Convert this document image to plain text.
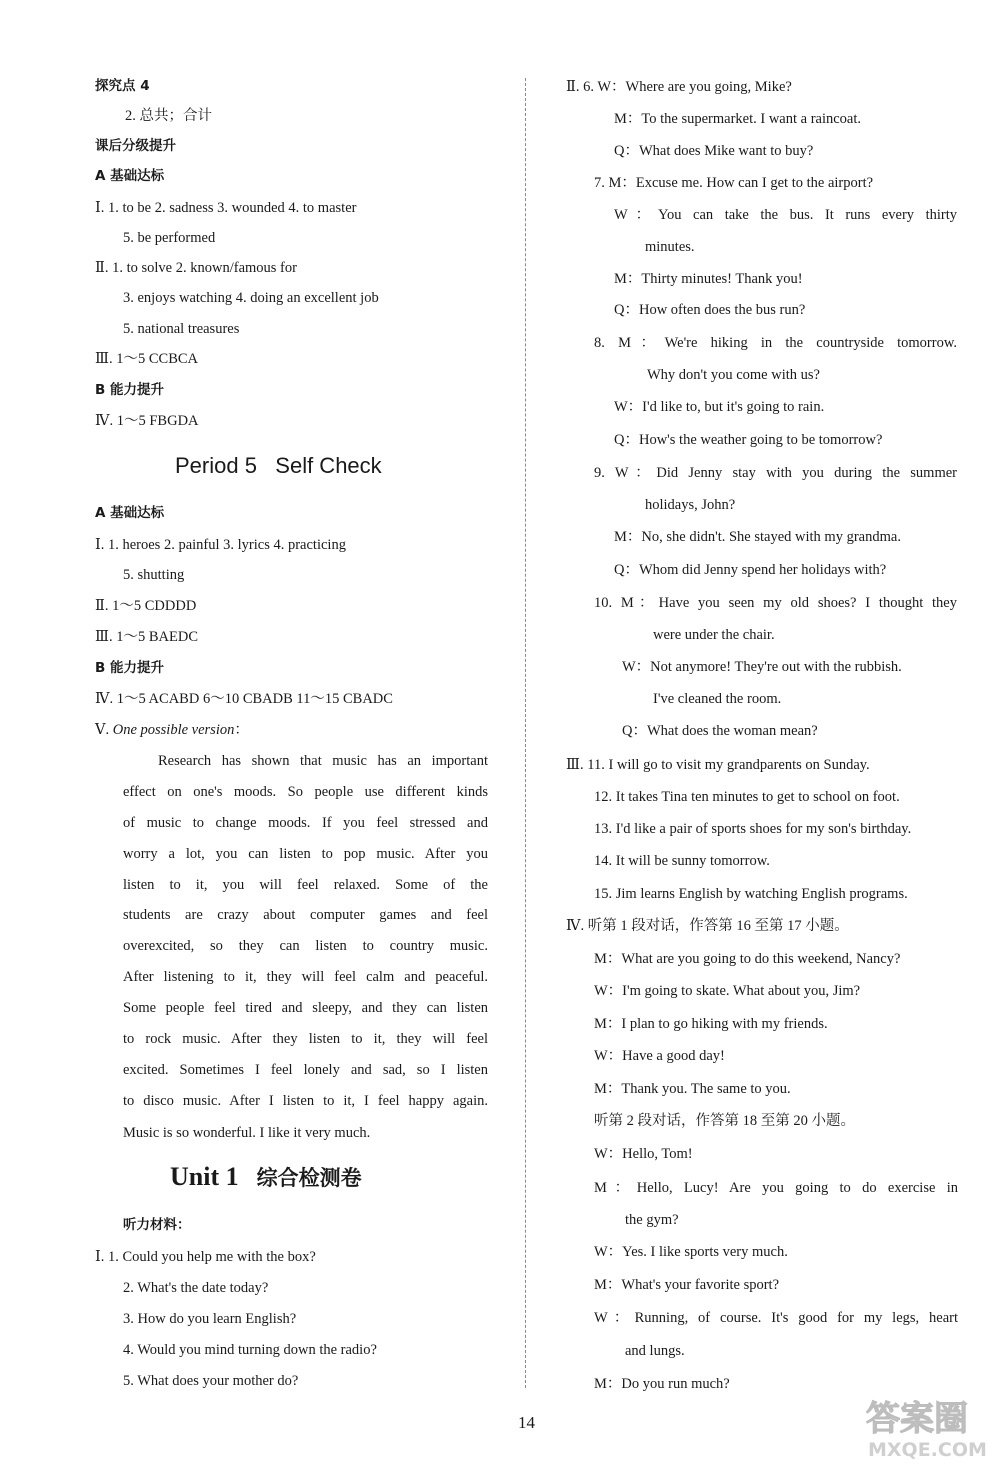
探究点 4
2. 总共；合计
课后分级提升
A 基础达标
Ⅰ. 1. to be 2. sadness 3. wounded 4. to master
5. be performed
Ⅱ. 1. to solve 2. known/famous for
3. enjoys watching 4. doing an excellent job
5. national treasures
Ⅲ. 1～5 CCBCA
B 能力提升
Ⅳ. 1～5 FBGDA
A 基础达标
Ⅰ. 1. heroes 2. painful 3. lyrics 4. practicing
5. shutting
Ⅱ. 1～5 CDDDD
Ⅲ. 1～5 BAEDC
B 能力提升
Ⅳ. 1～5 ACABD 6～10 CBADB 11～15 CBADC
Ⅴ. One possible version：
Research has shown that music has an important
effect on one's moods. So people use different kinds
of music to change moods. If you feel stressed and
worry a lot, you can listen to pop music. After you
listen to it, you will feel relaxed. Some of the
students are crazy about computer games and feel
overexcited, so they can listen to country music.
After listening to it, they will feel calm and peaceful.
Some people feel tired and sleepy, and they can listen
to rock music. After they listen to it, they will feel
excited. Sometimes I feel lonely and sad, so I listen
to disco music. After I listen to it, I feel happy again.
Music is so wonderful. I like it very much.
听力材料：
Ⅰ. 1. Could you help me with the box?
2. What's the date today?
3. How do you learn English?
4. Would you mind turning down the radio?
5. What does your mother do?
Ⅱ. 6. W：Where are you going, Mike?
M：To the supermarket. I want a raincoat.
Q：What does Mike want to buy?
7. M：Excuse me. How can I get to the airport?
W：You can take the bus. It runs every thirty
minutes.
M：Thirty minutes! Thank you!
Q：How often does the bus run?
8. M：We're hiking in the countryside tomorrow.
Why don't you come with us?
W：I'd like to, but it's going to rain.
Q：How's the weather going to be tomorrow?
9. W：Did Jenny stay with you during the summer
holidays, John?
M：No, she didn't. She stayed with my grandma.
Q：Whom did Jenny spend her holidays with?
10. M：Have you seen my old shoes? I thought they
were under the chair.
W：Not anymore! They're out with the rubbish.
I've cleaned the room.
Q：What does the woman mean?
Ⅲ. 11. I will go to visit my grandparents on Sunday.
12. It takes Tina ten minutes to get to school on foot.
13. I'd like a pair of sports shoes for my son's birthday.
14. It will be sunny tomorrow.
15. Jim learns English by watching English programs.
Ⅳ. 听第 1 段对话，作答第 16 至第 17 小题。
M：What are you going to do this weekend, Nancy?
W：I'm going to skate. What about you, Jim?
M：I plan to go hiking with my friends.
W：Have a good day!
M：Thank you. The same to you.
听第 2 段对话，作答第 18 至第 20 小题。
W：Hello, Tom!
M：Hello, Lucy! Are you going to do exercise in
the gym?
W：Yes. I like sports very much.
M：What's your favorite sport?
W：Running, of course. It's good for my legs, heart
and lungs.
M：Do you run much?
Period 5   Self Check
Unit 1 综合检测卷
14	答案圈
MXQE.COM
